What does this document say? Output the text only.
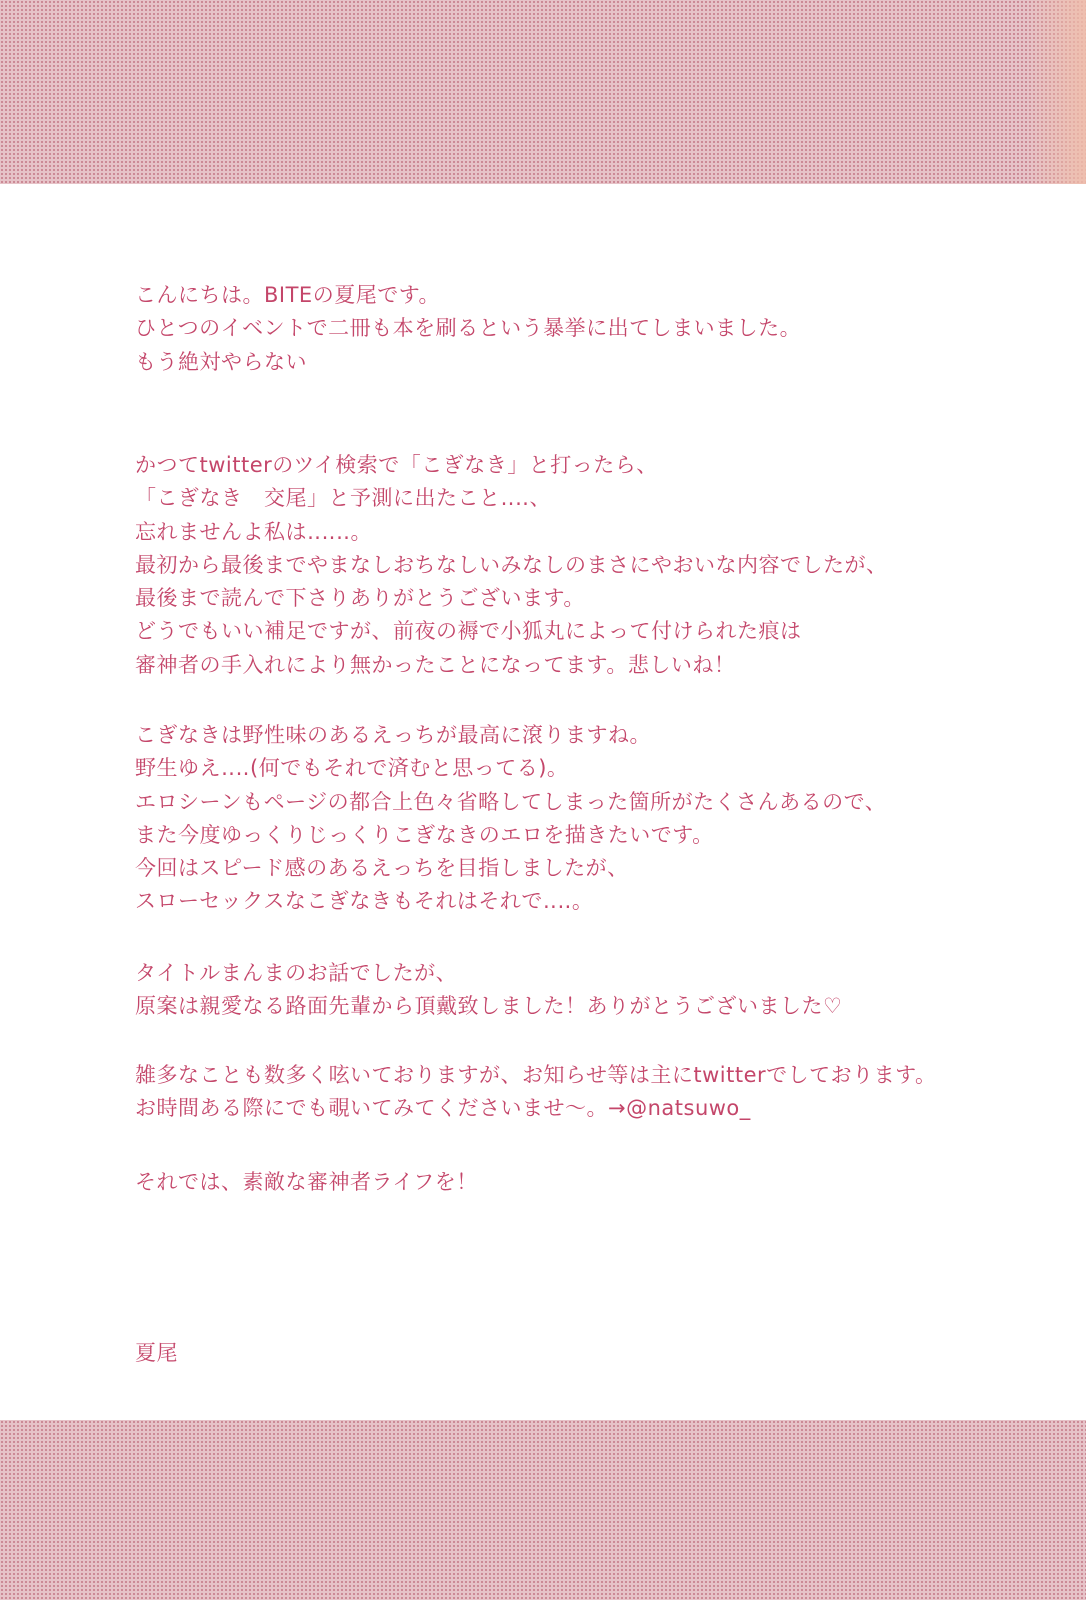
こんにちは。BITEの夏尾です。
ひとつのイベントで二冊も本を刷るという暴挙に出てしまいました。
もう絶対やらない
かつてtwitterのツイ検索で「こぎなき」と打ったら、
「こぎなき　交尾」と予測に出たこと‥‥、
忘れませんよ私は‥‥‥。
最初から最後までやまなしおちなしいみなしのまさにやおいな内容でしたが、
最後まで読んで下さりありがとうございます。
どうでもいい補足ですが、前夜の褥で小狐丸によって付けられた痕は
審神者の手入れにより無かったことになってます。悲しいね！
こぎなきは野性味のあるえっちが最高に滾りますね。
野生ゆえ‥‥(何でもそれで済むと思ってる)。
エロシーンもページの都合上色々省略してしまった箇所がたくさんあるので、
また今度ゆっくりじっくりこぎなきのエロを描きたいです。
今回はスピード感のあるえっちを目指しましたが、
スローセックスなこぎなきもそれはそれで‥‥。
タイトルまんまのお話でしたが、
原案は親愛なる路面先輩から頂戴致しました！ありがとうございました♡
雑多なことも数多く呟いておりますが、お知らせ等は主にtwitterでしております。
お時間ある際にでも覗いてみてくださいませ〜。→@natsuwo_
それでは、素敵な審神者ライフを！
夏尾
